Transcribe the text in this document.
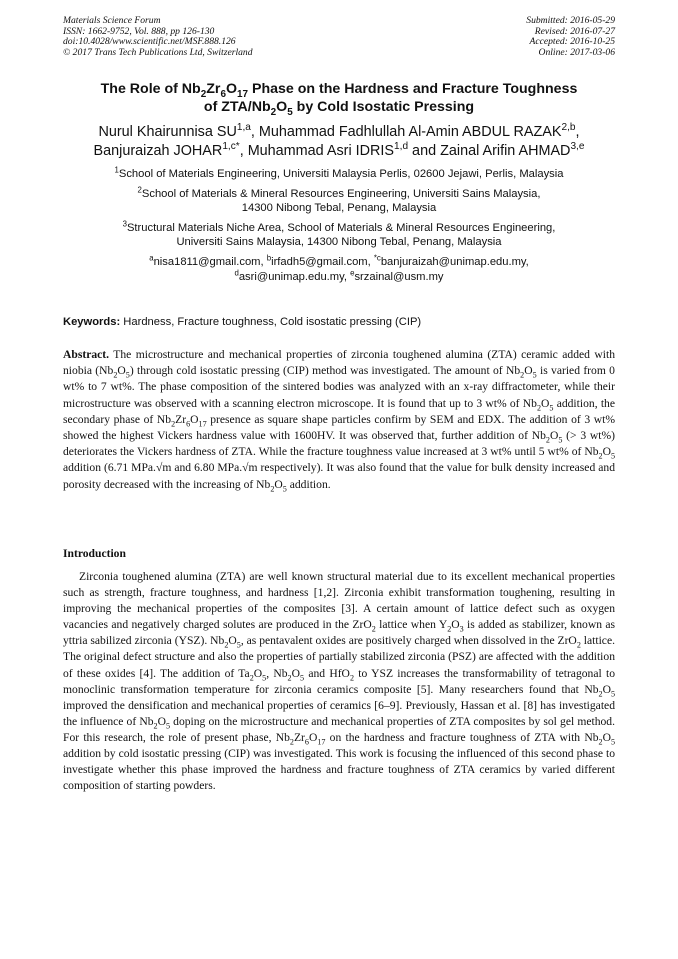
Materials Science Forum
ISSN: 1662-9752, Vol. 888, pp 126-130
doi:10.4028/www.scientific.net/MSF.888.126
© 2017 Trans Tech Publications Ltd, Switzerland
Submitted: 2016-05-29
Revised: 2016-07-27
Accepted: 2016-10-25
Online: 2017-03-06
The Role of $Nb_2Zr_6O_{17}$ Phase on the Hardness and Fracture Toughness
of ZTA/$Nb_2O_5$ by Cold Isostatic Pressing
Nurul Khairunnisa SU$^{1,a}$, Muhammad Fadhlullah Al-Amin ABDUL RAZAK$^{2,b}$,
Banjuraizah $JOHAR^{1,c*}$, Muhammad Asri IDRIS$^{1,d}$ and Zainal Arifin AHMAD$^{3,e}$
$^1$School of Materials Engineering, Universiti Malaysia Perlis, 02600 Jejawi, Perlis, Malaysia
$^2$School of Materials & Mineral Resources Engineering, Universiti Sains Malaysia,
14300 Nibong Tebal, Penang, Malaysia
$^3$Structural Materials Niche Area, School of Materials & Mineral Resources Engineering,
Universiti Sains Malaysia, 14300 Nibong Tebal, Penang, Malaysia
$^a$nisa1811@gmail.com, $^b$irfadh5@gmail.com, $^{*c}$banjuraizah@unimap.edu.my,
$^d$asri@unimap.edu.my, $^e$srzainal@usm.my
Keywords: Hardness, Fracture toughness, Cold isostatic pressing (CIP)
Abstract. The microstructure and mechanical properties of zirconia toughened alumina (ZTA) ceramic added with niobia $(Nb_2O_5)$ through cold isostatic pressing (CIP) method was investigated. The amount of $Nb_2O_5$ is varied from 0 wt% to 7 wt%. The phase composition of the sintered bodies was analyzed with an x-ray diffractometer, while their microstructure was observed with a scanning electron microscope. It is found that up to 3 wt% of $Nb_2O_5$ addition, the secondary phase of $Nb_2Zr_6O_{17}$ presence as square shape particles confirm by SEM and EDX. The addition of 3 wt% showed the highest Vickers hardness value with 1600HV. It was observed that, further addition of $Nb_2O_5$ (> 3 wt%) deteriorates the Vickers hardness of ZTA. While the fracture toughness value increased at 3 wt% until 5 wt% of $Nb_2O_5$ addition (6.71 MPa.√m and 6.80 MPa.√m respectively). It was also found that the value for bulk density increased and porosity decreased with the increasing of $Nb_2O_5$ addition.
Introduction
Zirconia toughened alumina (ZTA) are well known structural material due to its excellent mechanical properties such as strength, fracture toughness, and hardness [1,2]. Zirconia exhibit transformation toughening, resulting in improving the mechanical properties of the composites [3]. A certain amount of lattice defect such as oxygen vacancies and negatively charged solutes are produced in the ZrO$_2$ lattice when $Y_2O_3$ is added as stabilizer, known as yttria sabilized zirconia (YSZ). $Nb_2O_5$, as pentavalent oxides are positively charged when dissolved in the ZrO$_2$ lattice. The original defect structure and also the properties of partially stabilized zirconia (PSZ) are affected with the addition of these oxides [4]. The addition of $Ta_2O_5$, $Nb_2O_5$ and HfO$_2$ to YSZ increases the transformability of tetragonal to monoclinic transformation temperature for zirconia ceramics composite [5]. Many researchers found that $Nb_2O_5$ improved the densification and mechanical properties of ceramics [6–9]. Previously, Hassan et al. [8] has investigated the influence of $Nb_2O_5$ doping on the microstructure and mechanical properties of ZTA composites by sol gel method. For this research, the role of present phase, $Nb_2Zr_6O_{17}$ on the hardness and fracture toughness of ZTA with $Nb_2O_5$ addition by cold isostatic pressing (CIP) was investigated. This work is focusing the influenced of this second phase to investigate whether this phase improved the hardness and fracture toughness of ZTA ceramics by varied different composition of starting powders.
